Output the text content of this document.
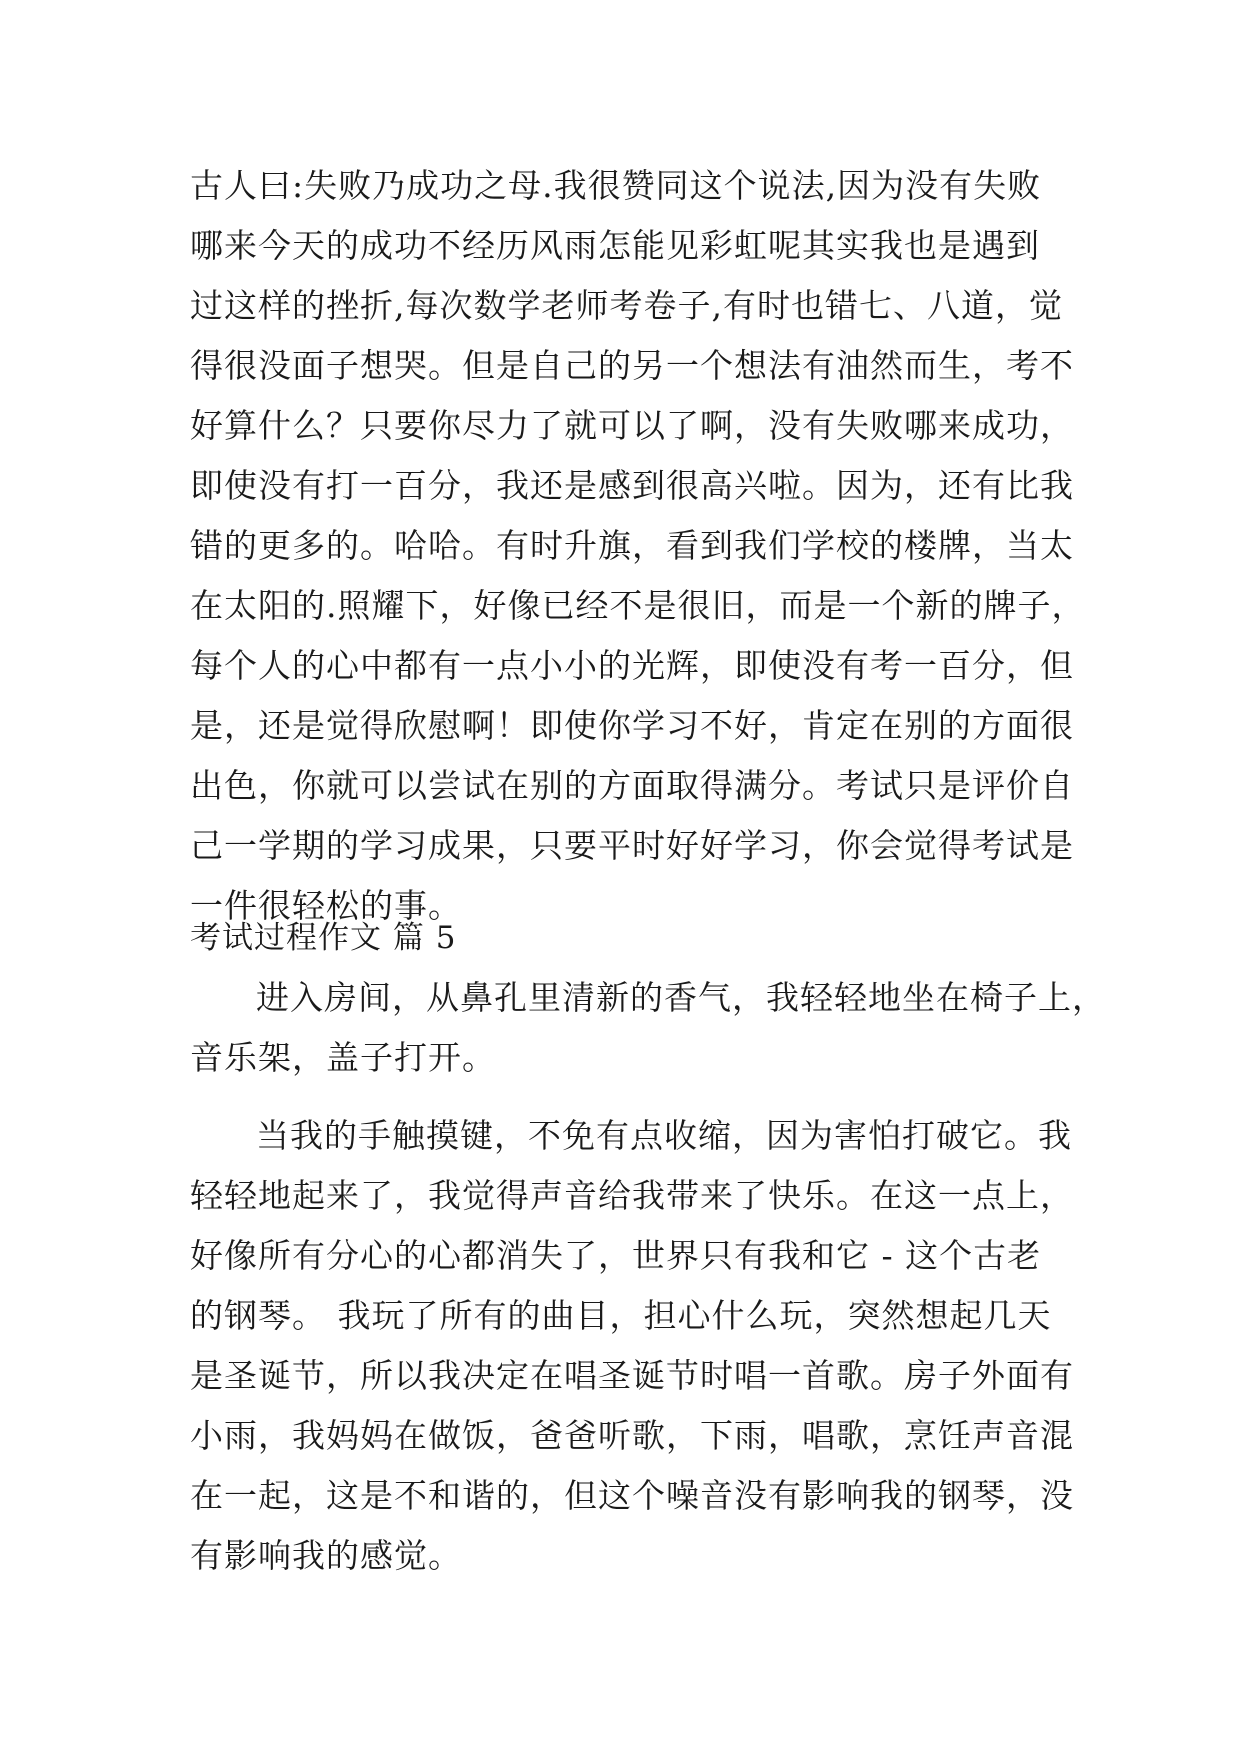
古人曰:失败乃成功之母.我很赞同这个说法,因为没有失败
哪来今天的成功不经历风雨怎能见彩虹呢其实我也是遇到
过这样的挫折,每次数学老师考卷子,有时也错七、八道，觉
得很没面子想哭。但是自己的另一个想法有油然而生，考不
好算什么？只要你尽力了就可以了啊，没有失败哪来成功，
即使没有打一百分，我还是感到很高兴啦。因为，还有比我
错的更多的。哈哈。有时升旗，看到我们学校的楼牌，当太
在太阳的.照耀下，好像已经不是很旧，而是一个新的牌子，
每个人的心中都有一点小小的光辉，即使没有考一百分，但
是，还是觉得欣慰啊！即使你学习不好，肯定在别的方面很
出色，你就可以尝试在别的方面取得满分。考试只是评价自
己一学期的学习成果，只要平时好好学习，你会觉得考试是
一件很轻松的事。
考试过程作文 篇 5
进入房间，从鼻孔里清新的香气，我轻轻地坐在椅子上，
音乐架，盖子打开。
当我的手触摸键，不免有点收缩，因为害怕打破它。我
轻轻地起来了，我觉得声音给我带来了快乐。在这一点上，
好像所有分心的心都消失了，世界只有我和它 - 这个古老
的钢琴。 我玩了所有的曲目，担心什么玩，突然想起几天
是圣诞节，所以我决定在唱圣诞节时唱一首歌。房子外面有
小雨，我妈妈在做饭，爸爸听歌，下雨，唱歌，烹饪声音混
在一起，这是不和谐的，但这个噪音没有影响我的钢琴，没
有影响我的感觉。
